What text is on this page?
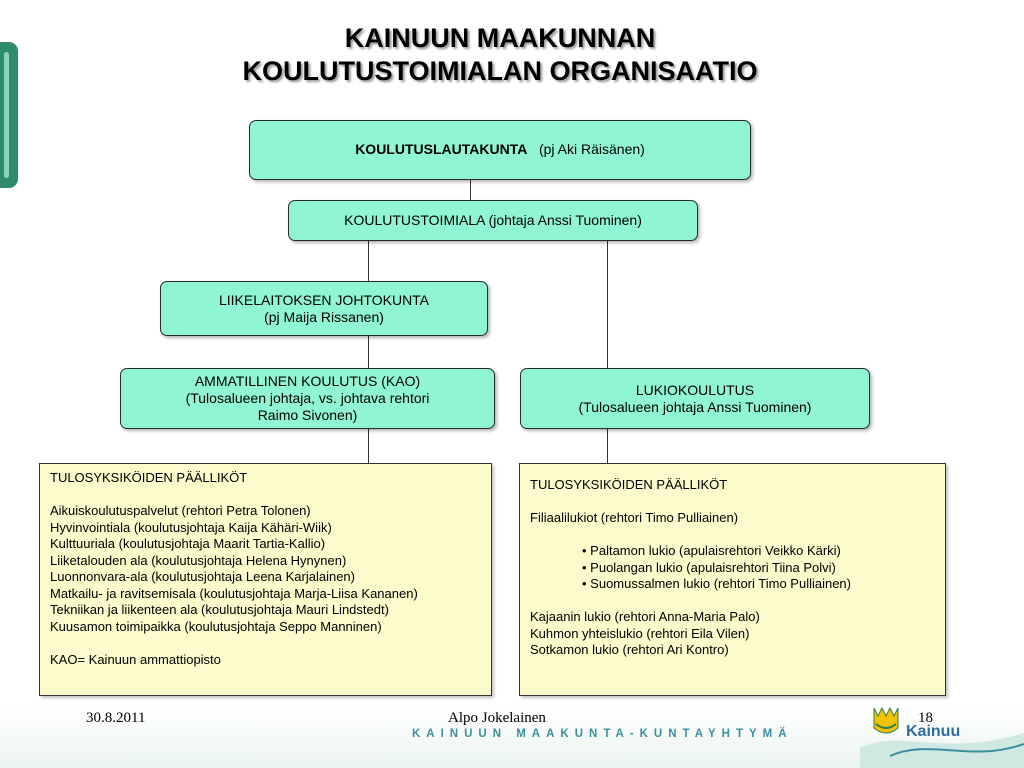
KAINUUN MAAKUNNAN
KOULUTUSTOIMIALAN ORGANISAATIO
KOULUTUSLAUTAKUNTA (pj Aki Räisänen)
KOULUTUSTOIMIALA (johtaja Anssi Tuominen)
LIIKELAITOKSEN JOHTOKUNTA
(pj Maija Rissanen)
AMMATILLINEN KOULUTUS (KAO)
(Tulosalueen johtaja, vs. johtava rehtori
Raimo Sivonen)
LUKIOKOULUTUS
(Tulosalueen johtaja Anssi Tuominen)
TULOSYKSIKÖIDEN PÄÄLLIKÖT
Aikuiskoulutuspalvelut (rehtori Petra Tolonen)
Hyvinvointiala (koulutusjohtaja Kaija Kähäri-Wiik)
Kulttuuriala (koulutusjohtaja Maarit Tartia-Kallio)
Liiketalouden ala (koulutusjohtaja Helena Hynynen)
Luonnonvara-ala (koulutusjohtaja Leena Karjalainen)
Matkailu- ja ravitsemisala (koulutusjohtaja Marja-Liisa Kananen)
Tekniikan ja liikenteen ala (koulutusjohtaja Mauri Lindstedt)
Kuusamon toimipaikka (koulutusjohtaja Seppo Manninen)
KAO= Kainuun ammattiopisto
TULOSYKSIKÖIDEN PÄÄLLIKÖT
Filiaalilukiot (rehtori Timo Pulliainen)
• Paltamon lukio (apulaisrehtori Veikko Kärki)
• Puolangan lukio (apulaisrehtori Tiina Polvi)
• Suomussalmen lukio (rehtori Timo Pulliainen)
Kajaanin lukio (rehtori Anna-Maria Palo)
Kuhmon yhteislukio (rehtori Eila Vilen)
Sotkamon lukio (rehtori Ari Kontro)
30.8.2011	Alpo Jokelainen
KAINUUN MAAKUNTA-KUNTAYHTYMÄ	Kainuu
18
